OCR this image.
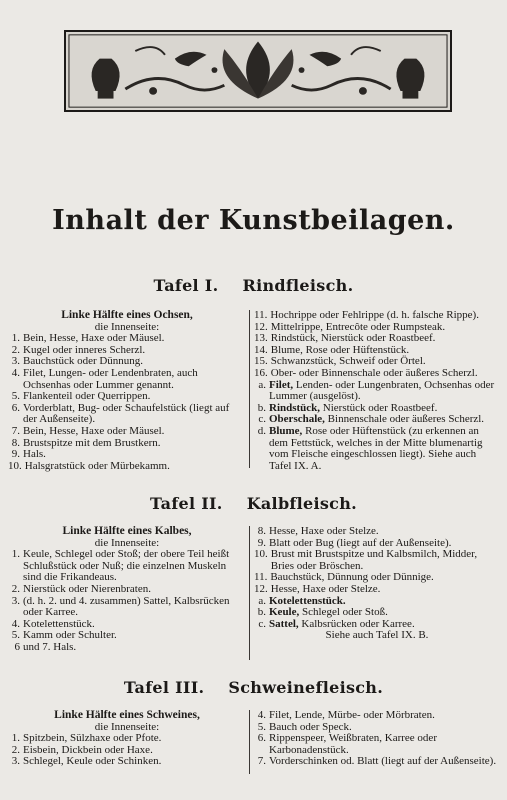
Inhalt der Kunstbeilagen.
Tafel I. Rindfleisch.
Linke Hälfte eines Ochsen,
die Innenseite:
1. Bein, Hesse, Haxe oder Mäusel.
2. Kugel oder inneres Scherzl.
3. Bauchstück oder Dünnung.
4. Filet, Lungen- oder Lendenbraten, auch Ochsenhas oder Lummer genannt.
5. Flankenteil oder Querrippen.
6. Vorderblatt, Bug- oder Schaufelstück (liegt auf der Außenseite).
7. Bein, Hesse, Haxe oder Mäusel.
8. Brustspitze mit dem Brustkern.
9. Hals.
10. Halsgratstück oder Mürbekamm.
11. Hochrippe oder Fehlrippe (d. h. falsche Rippe).
12. Mittelrippe, Entrecôte oder Rumpsteak.
13. Rindstück, Nierstück oder Roastbeef.
14. Blume, Rose oder Hüftenstück.
15. Schwanzstück, Schweif oder Örtel.
16. Ober- oder Binnenschale oder äußeres Scherzl.
a. Filet, Lenden- oder Lungenbraten, Ochsenhas oder Lummer (ausgelöst).
b. Rindstück, Nierstück oder Roastbeef.
c. Oberschale, Binnenschale oder äußeres Scherzl.
d. Blume, Rose oder Hüftenstück (zu erkennen an dem Fettstück, welches in der Mitte blumenartig vom Fleische eingeschlossen liegt). Siehe auch Tafel IX. A.
Tafel II. Kalbfleisch.
Linke Hälfte eines Kalbes,
die Innenseite:
1. Keule, Schlegel oder Stoß; der obere Teil heißt Schlußstück oder Nuß; die einzelnen Muskeln sind die Frikandeaus.
2. Nierstück oder Nierenbraten.
3. (d. h. 2. und 4. zusammen) Sattel, Kalbsrücken oder Karree.
4. Kotelettenstück.
5. Kamm oder Schulter.
6 und 7. Hals.
8. Hesse, Haxe oder Stelze.
9. Blatt oder Bug (liegt auf der Außenseite).
10. Brust mit Brustspitze und Kalbsmilch, Midder, Bries oder Bröschen.
11. Bauchstück, Dünnung oder Dünnige.
12. Hesse, Haxe oder Stelze.
a. Kotelettenstück.
b. Keule, Schlegel oder Stoß.
c. Sattel, Kalbsrücken oder Karree.
Siehe auch Tafel IX. B.
Tafel III. Schweinefleisch.
Linke Hälfte eines Schweines,
die Innenseite:
1. Spitzbein, Sülzhaxe oder Pfote.
2. Eisbein, Dickbein oder Haxe.
3. Schlegel, Keule oder Schinken.
4. Filet, Lende, Mürbe- oder Mörbraten.
5. Bauch oder Speck.
6. Rippenspeer, Weißbraten, Karree oder Karbonadenstück.
7. Vorderschinken od. Blatt (liegt auf der Außenseite).
